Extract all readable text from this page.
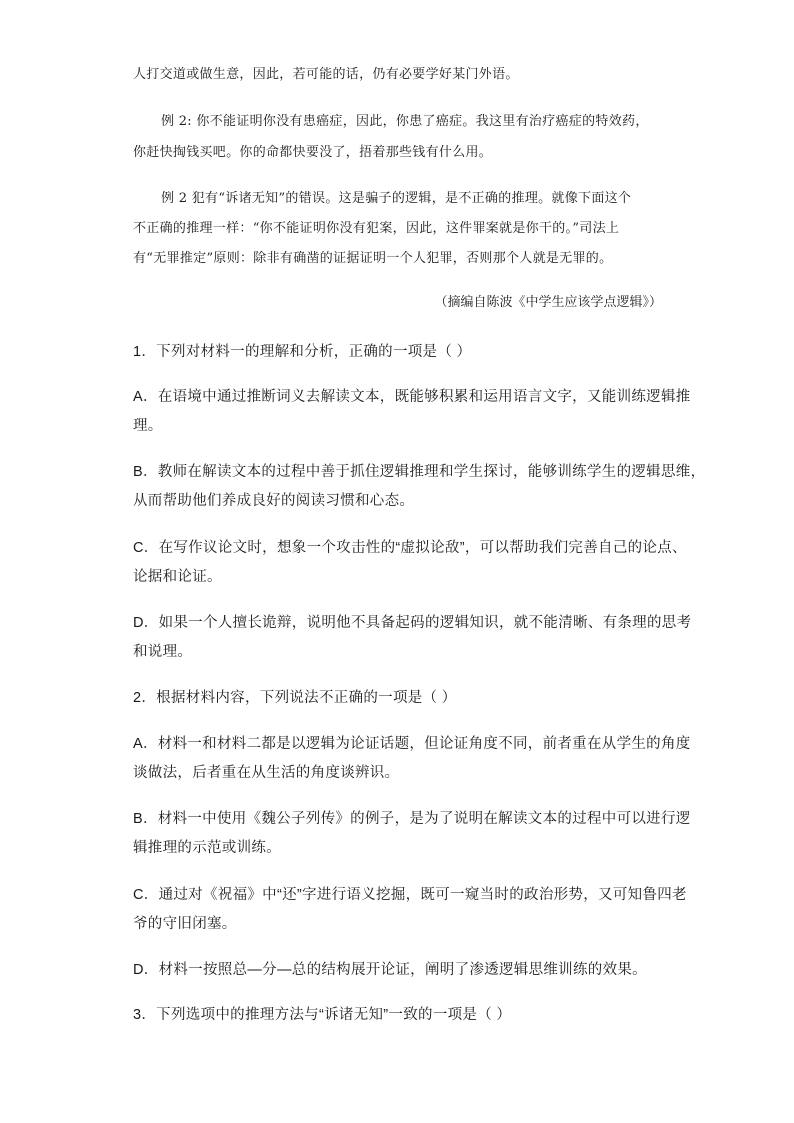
人打交道或做生意，因此，若可能的话，仍有必要学好某门外语。
例 2: 你不能证明你没有患癌症，因此，你患了癌症。我这里有治疗癌症的特效药，
你赶快掏钱买吧。你的命都快要没了，捂着那些钱有什么用。
例 2 犯有“诉诸无知”的错误。这是骗子的逻辑，是不正确的推理。就像下面这个
不正确的推理一样：“你不能证明你没有犯案，因此，这件罪案就是你干的。”司法上
有“无罪推定”原则：除非有确凿的证据证明一个人犯罪，否则那个人就是无罪的。
（摘编自陈波《中学生应该学点逻辑》）
1．下列对材料一的理解和分析，正确的一项是（ ）
A．在语境中通过推断词义去解读文本，既能够积累和运用语言文字，又能训练逻辑推
理。
B．教师在解读文本的过程中善于抓住逻辑推理和学生探讨，能够训练学生的逻辑思维，
从而帮助他们养成良好的阅读习惯和心态。
C．在写作议论文时，想象一个攻击性的“虚拟论敌”，可以帮助我们完善自己的论点、
论据和论证。
D．如果一个人擅长诡辩，说明他不具备起码的逻辑知识，就不能清晰、有条理的思考
和说理。
2．根据材料内容，下列说法不正确的一项是（ ）
A．材料一和材料二都是以逻辑为论证话题，但论证角度不同，前者重在从学生的角度
谈做法，后者重在从生活的角度谈辨识。
B．材料一中使用《魏公子列传》的例子，是为了说明在解读文本的过程中可以进行逻
辑推理的示范或训练。
C．通过对《祝福》中“还”字进行语义挖掘，既可一窥当时的政治形势，又可知鲁四老
爷的守旧闭塞。
D．材料一按照总—分—总的结构展开论证，阐明了渗透逻辑思维训练的效果。
3．下列选项中的推理方法与“诉诸无知”一致的一项是（ ）
